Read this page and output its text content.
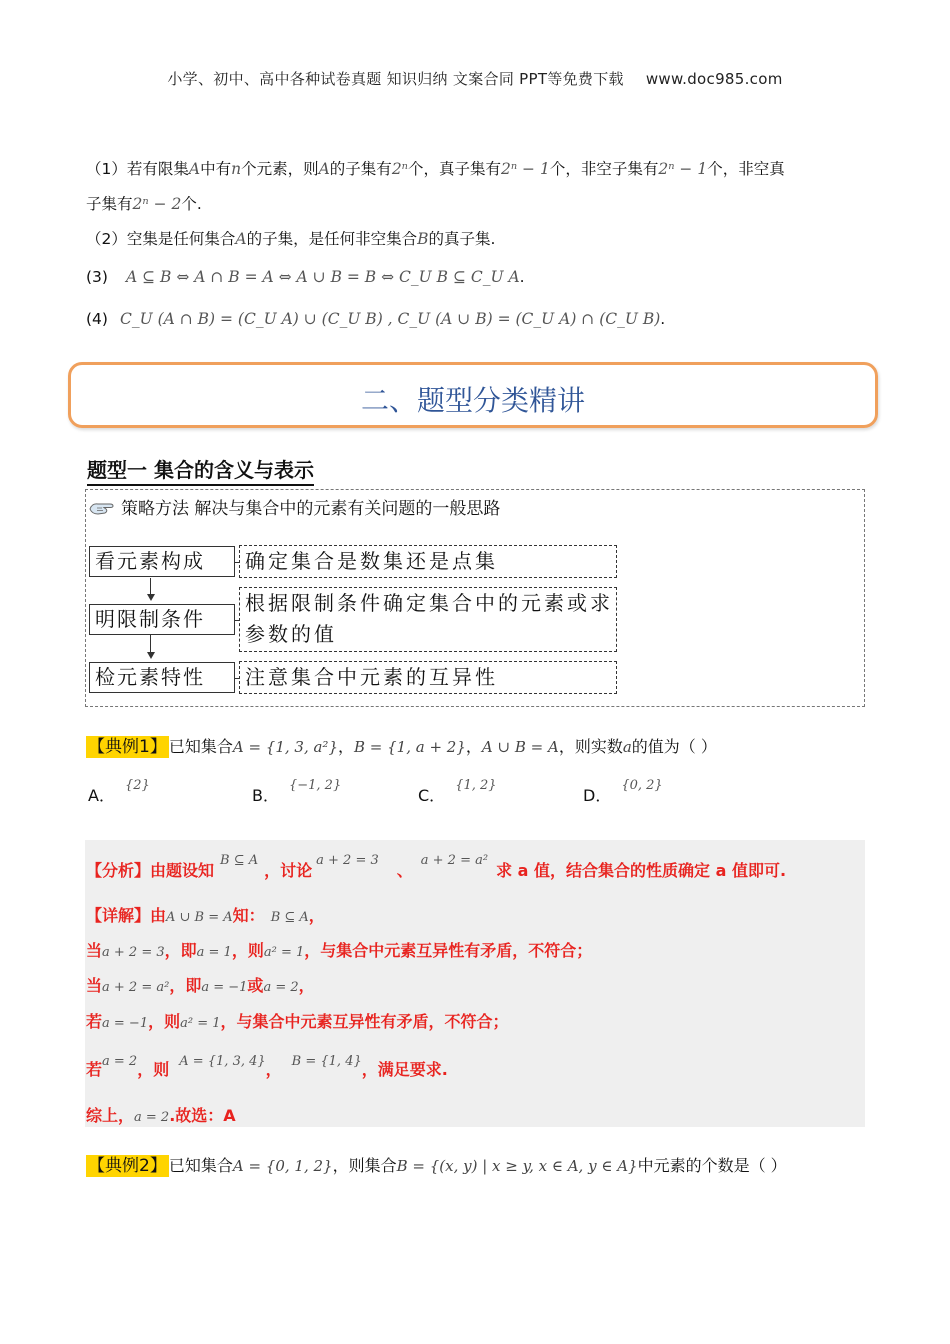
小学、初中、高中各种试卷真题 知识归纳 文案合同 PPT等免费下载 www.doc985.com
（1）若有限集A中有n个元素，则A的子集有2ⁿ个，真子集有2ⁿ − 1个，非空子集有2ⁿ − 1个，非空真
子集有2ⁿ − 2个.
（2）空集是任何集合A的子集，是任何非空集合B的真子集.
(3) A ⊆ B ⇔ A ∩ B = A ⇔ A ∪ B = B ⇔ C_U B ⊆ C_U A.
(4) C_U (A ∩ B) = (C_U A) ∪ (C_U B) , C_U (A ∪ B) = (C_U A) ∩ (C_U B).
二、题型分类精讲
题型一 集合的含义与表示
策略方法 解决与集合中的元素有关问题的一般思路
看元素构成	确定集合是数集还是点集
明限制条件
根据限制条件确定集合中的元素或求
参数的值
检元素特性	注意集合中元素的互异性
【典例1】 已知集合A = {1, 3, a²}，B = {1, a + 2}，A ∪ B = A，则实数a的值为（ ）
A．$^{\{2\}}$
B．$^{\{-1, 2\}}$
C．$^{\{1, 2\}}$
D．$^{\{0, 2\}}$
【分析】由题设知B ⊆ A，讨论a + 2 = 3、a + 2 = a²求 a 值，结合集合的性质确定 a 值即可.
【详解】由A ∪ B = A知： B ⊆ A，
当a + 2 = 3，即a = 1，则a² = 1，与集合中元素互异性有矛盾，不符合；
当a + 2 = a²，即a = −1或a = 2，
若a = −1，则a² = 1，与集合中元素互异性有矛盾，不符合；
若a = 2，则 A = {1, 3, 4}， B = {1, 4}，满足要求.
综上，a = 2.故选：A
【典例2】 已知集合A = {0, 1, 2}，则集合B = {(x, y) | x ≥ y, x ∈ A, y ∈ A}中元素的个数是（ ）
